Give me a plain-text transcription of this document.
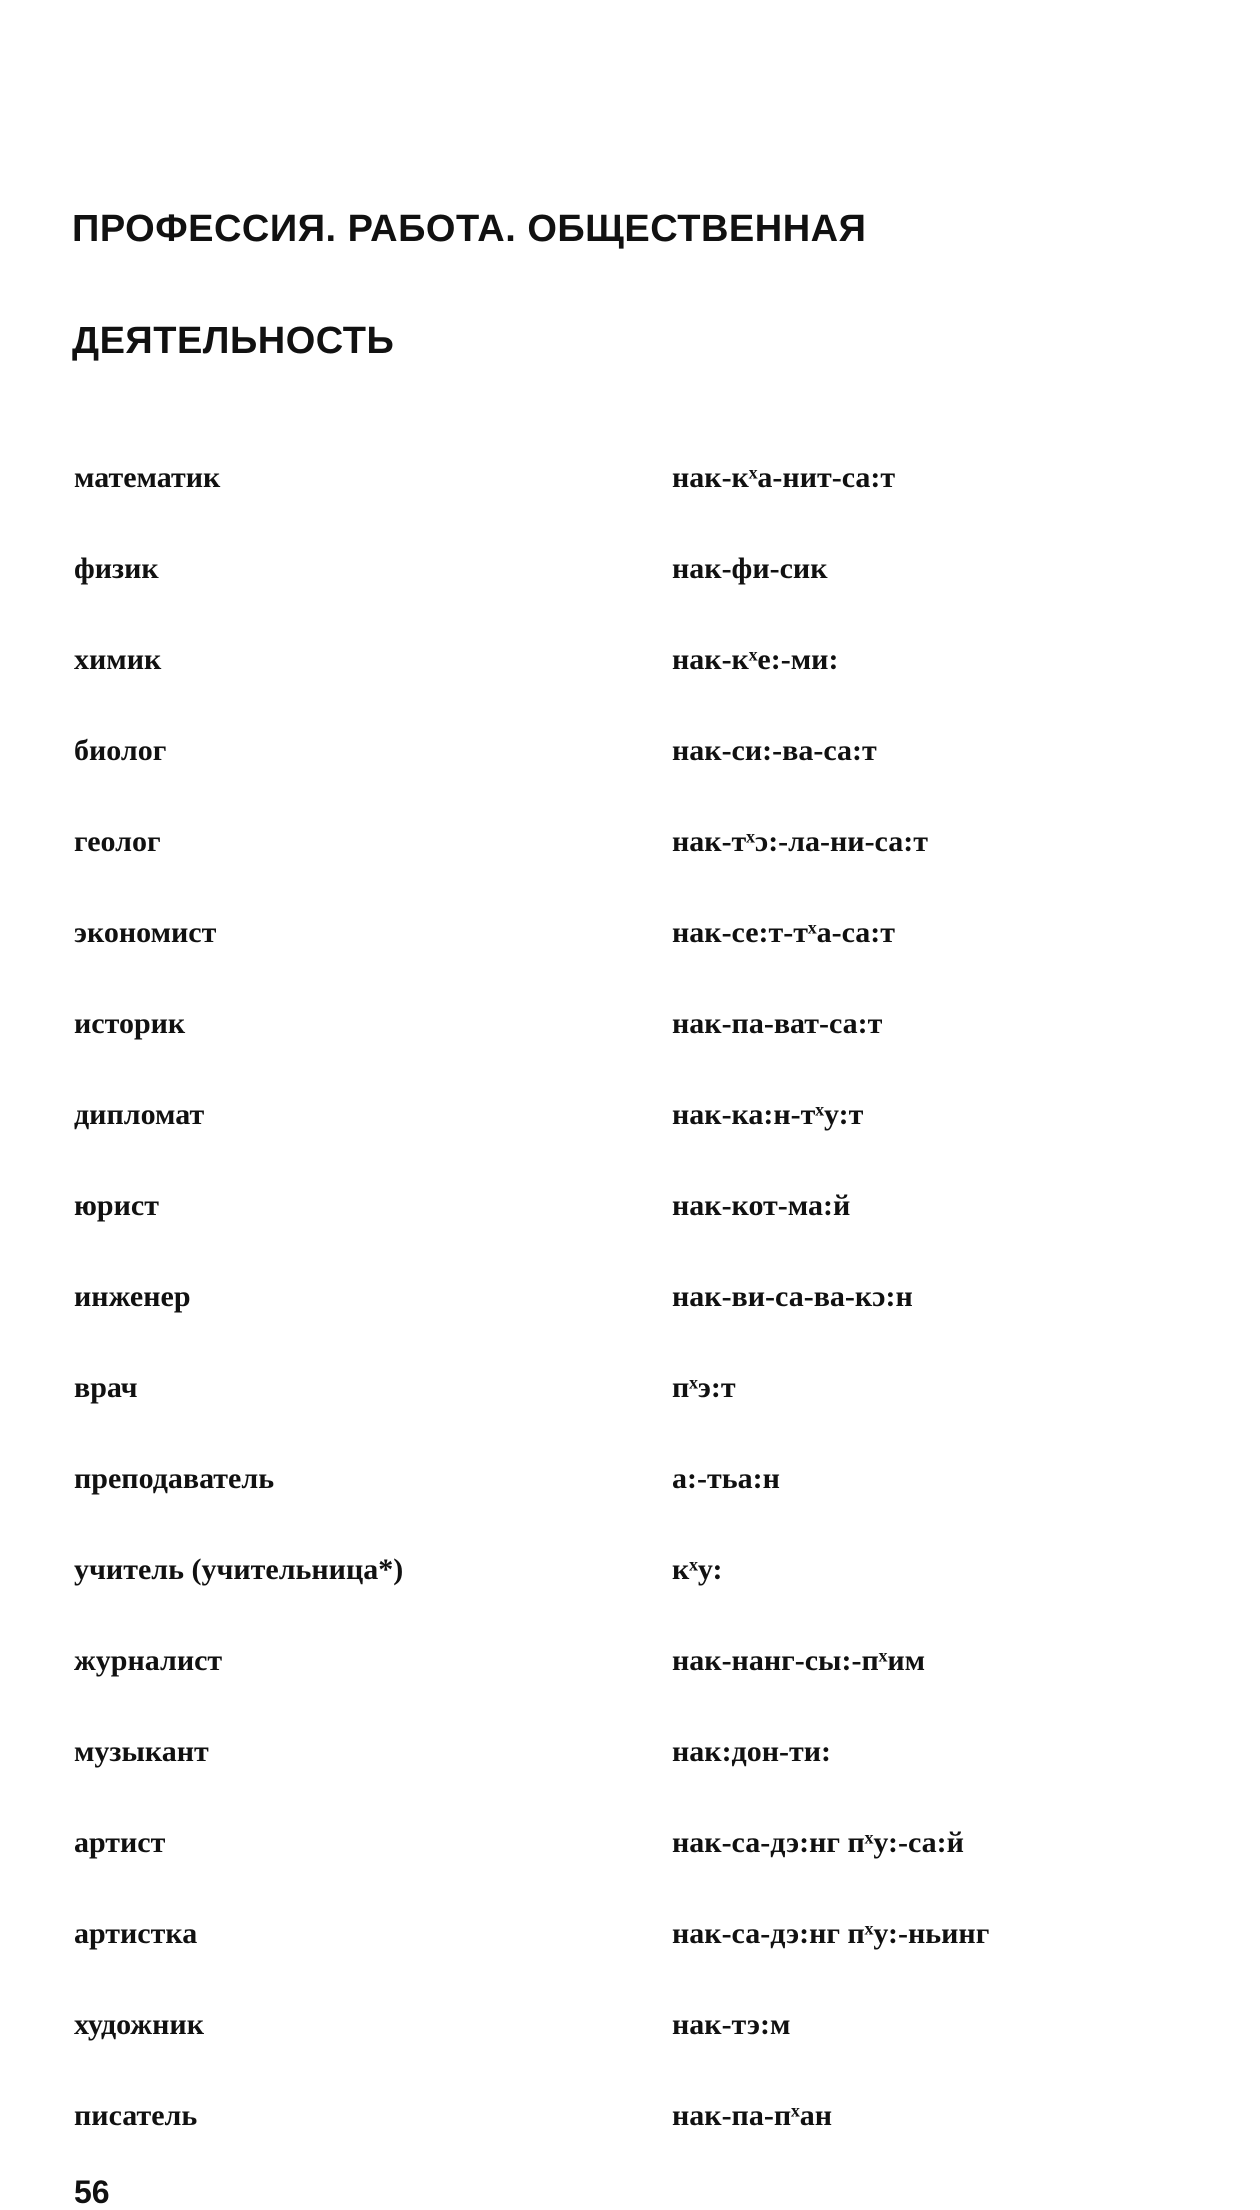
ПРОФЕССИЯ. РАБОТА. ОБЩЕСТВЕННАЯ
ДЕЯТЕЛЬНОСТЬ
математик	нак-кˣа-нит-са:т
физик	нак-фи-сик
химик	нак-кˣе:-ми:
биолог	нак-си:-ва-са:т
геолог	нак-тˣɔ:-ла-ни-са:т
экономист	нак-се:т-тˣа-са:т
историк	нак-па-ват-са:т
дипломат	нак-ка:н-тˣу:т
юрист	нак-кот-ма:й
инженер	нак-ви-са-ва-кɔ:н
врач	пˣэ:т
преподаватель	а:-тьа:н
учитель (учительница*)	кˣу:
журналист	нак-нанг-сы:-пˣим
музыкант	нак:дон-ти:
артист	нак-са-дэ:нг пˣу:-са:й
артистка	нак-са-дэ:нг пˣу:-ньинг
художник	нак-тэ:м
писатель	нак-па-пˣан
56
